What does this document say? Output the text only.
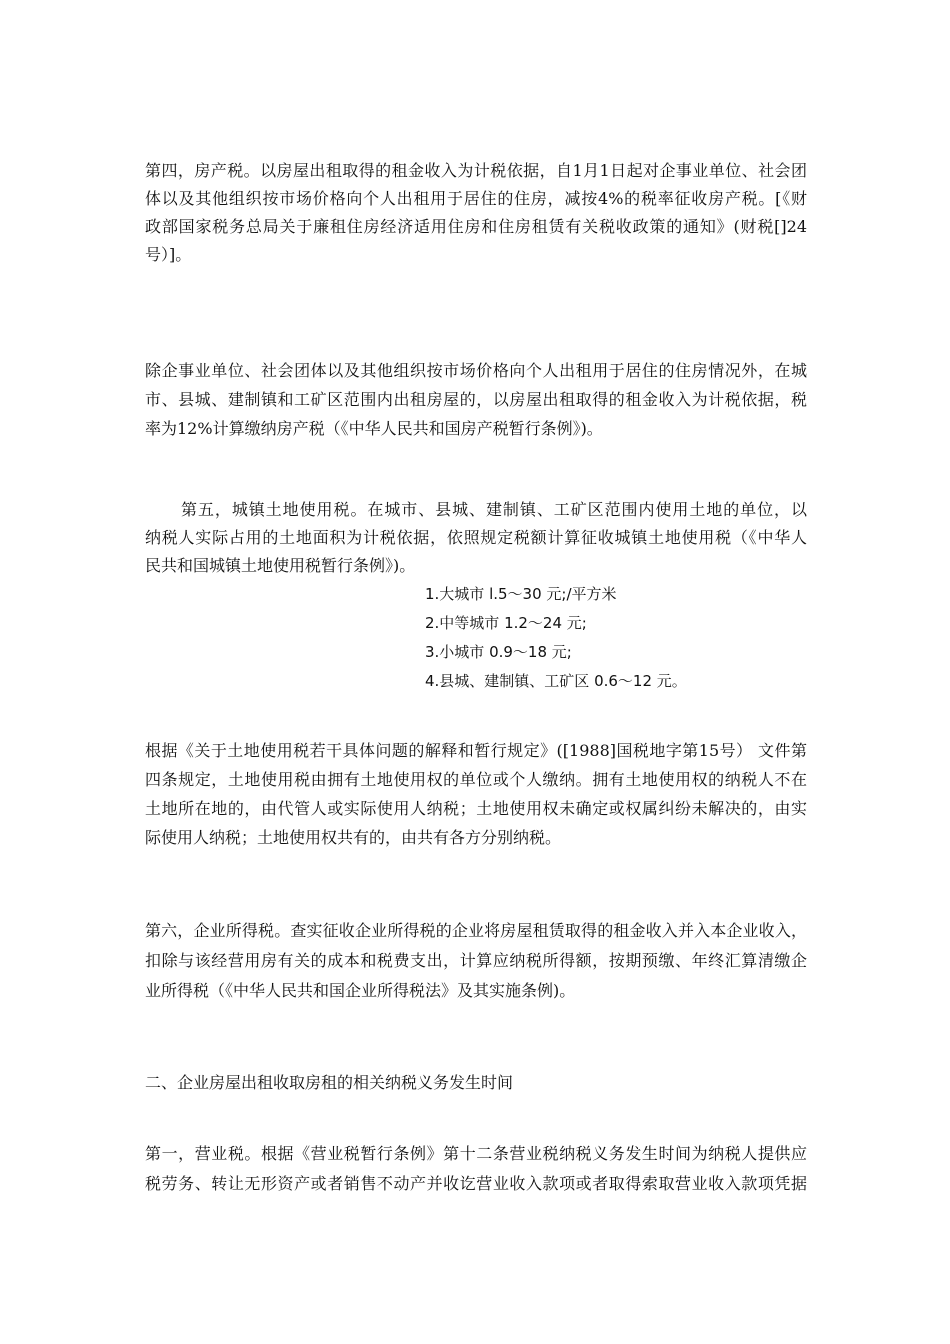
第四，房产税。以房屋出租取得的租金收入为计税依据，自1月1日起对企事业单位、社会团
体以及其他组织按市场价格向个人出租用于居住的住房，减按4%的税率征收房产税。[《财
政部国家税务总局关于廉租住房经济适用住房和住房租赁有关税收政策的通知》(财税[]24
号）]。
除企事业单位、社会团体以及其他组织按市场价格向个人出租用于居住的住房情况外，在城
市、县城、建制镇和工矿区范围内出租房屋的，以房屋出租取得的租金收入为计税依据，税
率为12%计算缴纳房产税（《中华人民共和国房产税暂行条例》)。
第五，城镇土地使用税。在城市、县城、建制镇、工矿区范围内使用土地的单位，以
纳税人实际占用的土地面积为计税依据，依照规定税额计算征收城镇土地使用税（《中华人
民共和国城镇土地使用税暂行条例》)。
1.大城市 l.5～30 元;/平方米
2.中等城市 1.2～24 元;
3.小城市 0.9～18 元;
4.县城、建制镇、工矿区 0.6～12 元。
根据《关于土地使用税若干具体问题的解释和暂行规定》([1988]国税地字第15号） 文件第
四条规定，土地使用税由拥有土地使用权的单位或个人缴纳。拥有土地使用权的纳税人不在
土地所在地的，由代管人或实际使用人纳税；土地使用权未确定或权属纠纷未解决的，由实
际使用人纳税；土地使用权共有的，由共有各方分别纳税。
第六，企业所得税。查实征收企业所得税的企业将房屋租赁取得的租金收入并入本企业收入，
扣除与该经营用房有关的成本和税费支出，计算应纳税所得额，按期预缴、年终汇算清缴企
业所得税（《中华人民共和国企业所得税法》及其实施条例)。
二、企业房屋出租收取房租的相关纳税义务发生时间
第一，营业税。根据《营业税暂行条例》第十二条营业税纳税义务发生时间为纳税人提供应
税劳务、转让无形资产或者销售不动产并收讫营业收入款项或者取得索取营业收入款项凭据
